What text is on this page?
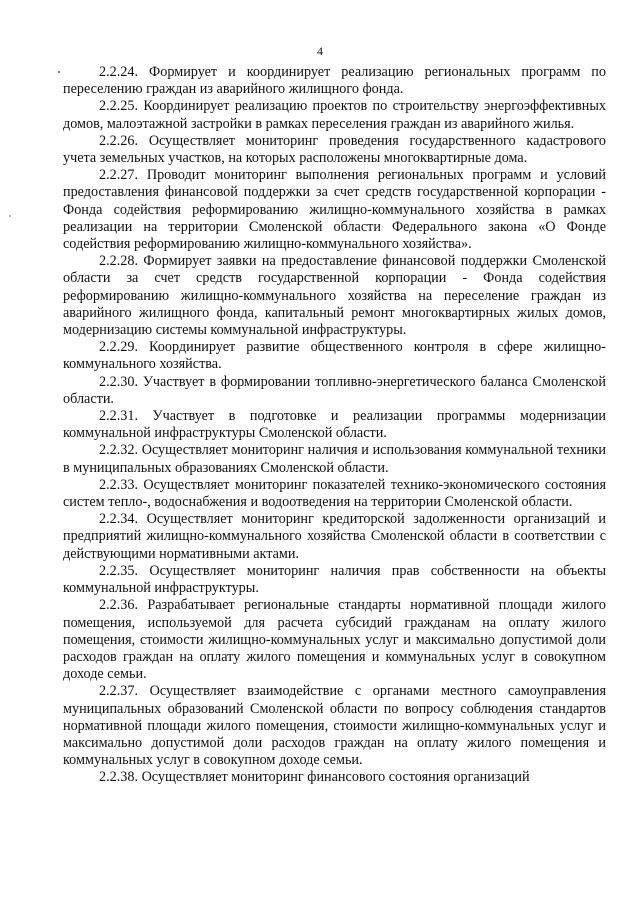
4

2.2.24. Формирует и координирует реализацию региональных программ по переселению граждан из аварийного жилищного фонда.

2.2.25. Координирует реализацию проектов по строительству энергоэффективных домов, малоэтажной застройки в рамках переселения граждан из аварийного жилья.

2.2.26. Осуществляет мониторинг проведения государственного кадастрового учета земельных участков, на которых расположены многоквартирные дома.

2.2.27. Проводит мониторинг выполнения региональных программ и условий предоставления финансовой поддержки за счет средств государственной корпорации - Фонда содействия реформированию жилищно-коммунального хозяйства в рамках реализации на территории Смоленской области Федерального закона «О Фонде содействия реформированию жилищно-коммунального хозяйства».

2.2.28. Формирует заявки на предоставление финансовой поддержки Смоленской области за счет средств государственной корпорации - Фонда содействия реформированию жилищно-коммунального хозяйства на переселение граждан из аварийного жилищного фонда, капитальный ремонт многоквартирных жилых домов, модернизацию системы коммунальной инфраструктуры.

2.2.29. Координирует развитие общественного контроля в сфере жилищно-коммунального хозяйства.

2.2.30. Участвует в формировании топливно-энергетического баланса Смоленской области.

2.2.31. Участвует в подготовке и реализации программы модернизации коммунальной инфраструктуры Смоленской области.

2.2.32. Осуществляет мониторинг наличия и использования коммунальной техники в муниципальных образованиях Смоленской области.

2.2.33. Осуществляет мониторинг показателей технико-экономического состояния систем тепло-, водоснабжения и водоотведения на территории Смоленской области.

2.2.34. Осуществляет мониторинг кредиторской задолженности организаций и предприятий жилищно-коммунального хозяйства Смоленской области в соответствии с действующими нормативными актами.

2.2.35. Осуществляет мониторинг наличия прав собственности на объекты коммунальной инфраструктуры.

2.2.36. Разрабатывает региональные стандарты нормативной площади жилого помещения, используемой для расчета субсидий гражданам на оплату жилого помещения, стоимости жилищно-коммунальных услуг и максимально допустимой доли расходов граждан на оплату жилого помещения и коммунальных услуг в совокупном доходе семьи.

2.2.37. Осуществляет взаимодействие с органами местного самоуправления муниципальных образований Смоленской области по вопросу соблюдения стандартов нормативной площади жилого помещения, стоимости жилищно-коммунальных услуг и максимально допустимой доли расходов граждан на оплату жилого помещения и коммунальных услуг в совокупном доходе семьи.

2.2.38. Осуществляет мониторинг финансового состояния организаций
